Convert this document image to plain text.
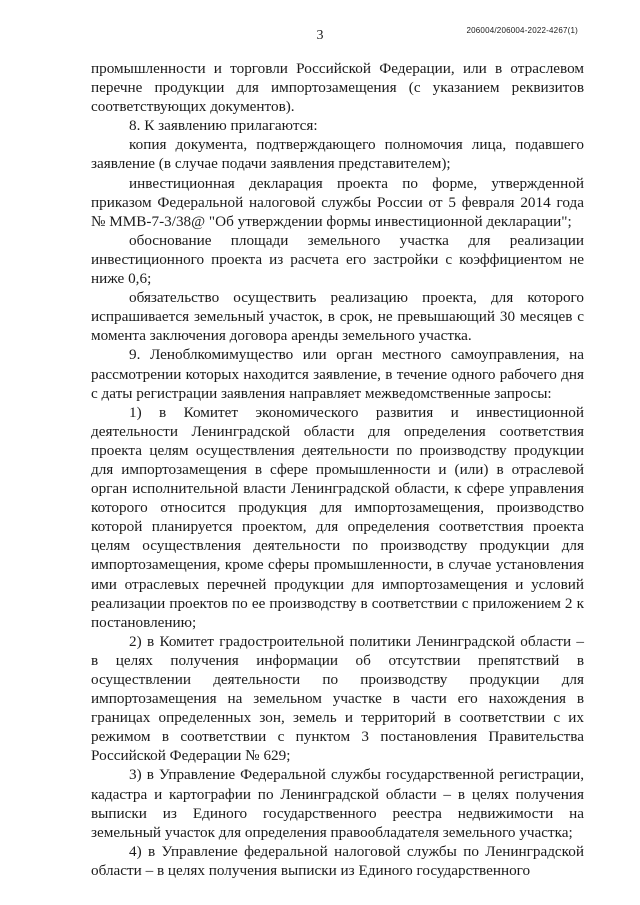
3	206004/206004-2022-4267(1)

промышленности и торговли Российской Федерации, или в отраслевом перечне продукции для импортозамещения (с указанием реквизитов соответствующих документов).

8. К заявлению прилагаются:

копия документа, подтверждающего полномочия лица, подавшего заявление (в случае подачи заявления представителем);

инвестиционная декларация проекта по форме, утвержденной приказом Федеральной налоговой службы России от 5 февраля 2014 года № ММВ-7-3/38@ "Об утверждении формы инвестиционной декларации";

обоснование площади земельного участка для реализации инвестиционного проекта из расчета его застройки с коэффициентом не ниже 0,6;

обязательство осуществить реализацию проекта, для которого испрашивается земельный участок, в срок, не превышающий 30 месяцев с момента заключения договора аренды земельного участка.

9. Леноблкомимущество или орган местного самоуправления, на рассмотрении которых находится заявление, в течение одного рабочего дня с даты регистрации заявления направляет межведомственные запросы:

1) в Комитет экономического развития и инвестиционной деятельности Ленинградской области для определения соответствия проекта целям осуществления деятельности по производству продукции для импортозамещения в сфере промышленности и (или) в отраслевой орган исполнительной власти Ленинградской области, к сфере управления которого относится продукция для импортозамещения, производство которой планируется проектом, для определения соответствия проекта целям осуществления деятельности по производству продукции для импортозамещения, кроме сферы промышленности, в случае установления ими отраслевых перечней продукции для импортозамещения и условий реализации проектов по ее производству в соответствии с приложением 2 к постановлению;

2) в Комитет градостроительной политики Ленинградской области – в целях получения информации об отсутствии препятствий в осуществлении деятельности по производству продукции для импортозамещения на земельном участке в части его нахождения в границах определенных зон, земель и территорий в соответствии с их режимом в соответствии с пунктом 3 постановления Правительства Российской Федерации № 629;

3) в Управление Федеральной службы государственной регистрации, кадастра и картографии по Ленинградской области – в целях получения выписки из Единого государственного реестра недвижимости на земельный участок для определения правообладателя земельного участка;

4) в Управление федеральной налоговой службы по Ленинградской области – в целях получения выписки из Единого государственного
